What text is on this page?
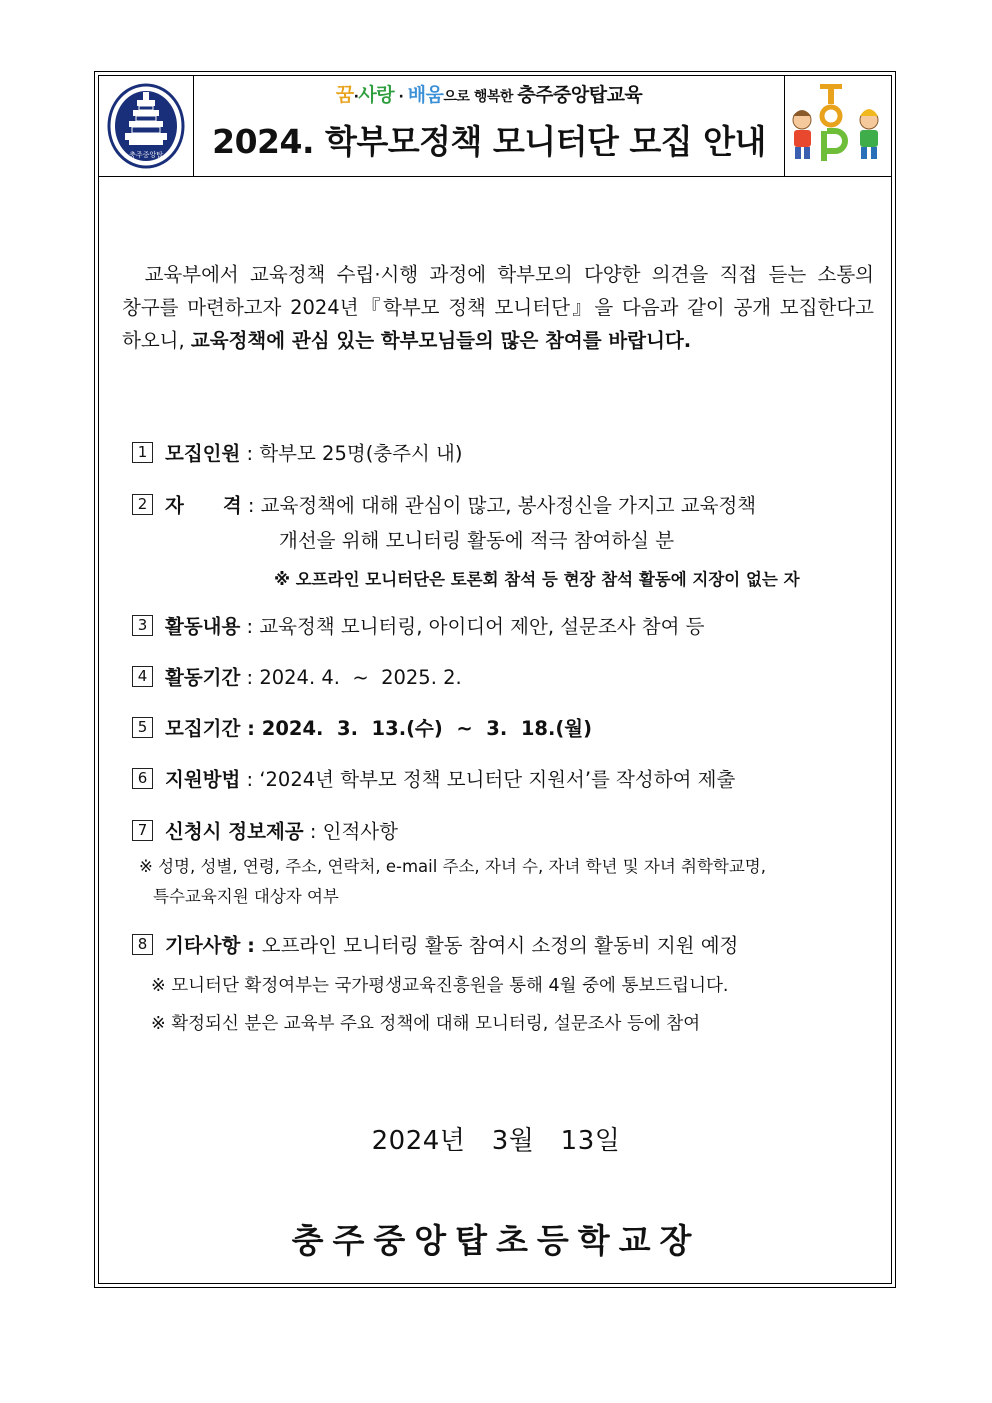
충주중앙탑
꿈·사랑 · 배움으로 행복한 충주중앙탑교육
2024. 학부모정책 모니터단 모집 안내
교육부에서 교육정책 수립·시행 과정에 학부모의 다양한 의견을 직접 듣는 소통의 창구를 마련하고자 2024년『학부모 정책 모니터단』을 다음과 같이 공개 모집한다고 하오니, 교육정책에 관심 있는 학부모님들의 많은 참여를 바랍니다.
1 모집인원 : 학부모 25명(충주시 내)
2 자　　격 : 교육정책에 대해 관심이 많고, 봉사정신을 가지고 교육정책
개선을 위해 모니터링 활동에 적극 참여하실 분
※ 오프라인 모니터단은 토론회 참석 등 현장 참석 활동에 지장이 없는 자
3 활동내용 : 교육정책 모니터링, 아이디어 제안, 설문조사 참여 등
4 활동기간 : 2024. 4.  ~  2025. 2.
5 모집기간 : 2024.  3.  13.(수)  ~  3.  18.(월)
6 지원방법 : ‘2024년 학부모 정책 모니터단 지원서’를 작성하여 제출
7 신청시 정보제공 : 인적사항
※ 성명, 성별, 연령, 주소, 연락처, e-mail 주소, 자녀 수, 자녀 학년 및 자녀 취학학교명,
특수교육지원 대상자 여부
8 기타사항 : 오프라인 모니터링 활동 참여시 소정의 활동비 지원 예정
※ 모니터단 확정여부는 국가평생교육진흥원을 통해 4월 중에 통보드립니다.
※ 확정되신 분은 교육부 주요 정책에 대해 모니터링, 설문조사 등에 참여
2024년   3월   13일
충주중앙탑초등학교장
